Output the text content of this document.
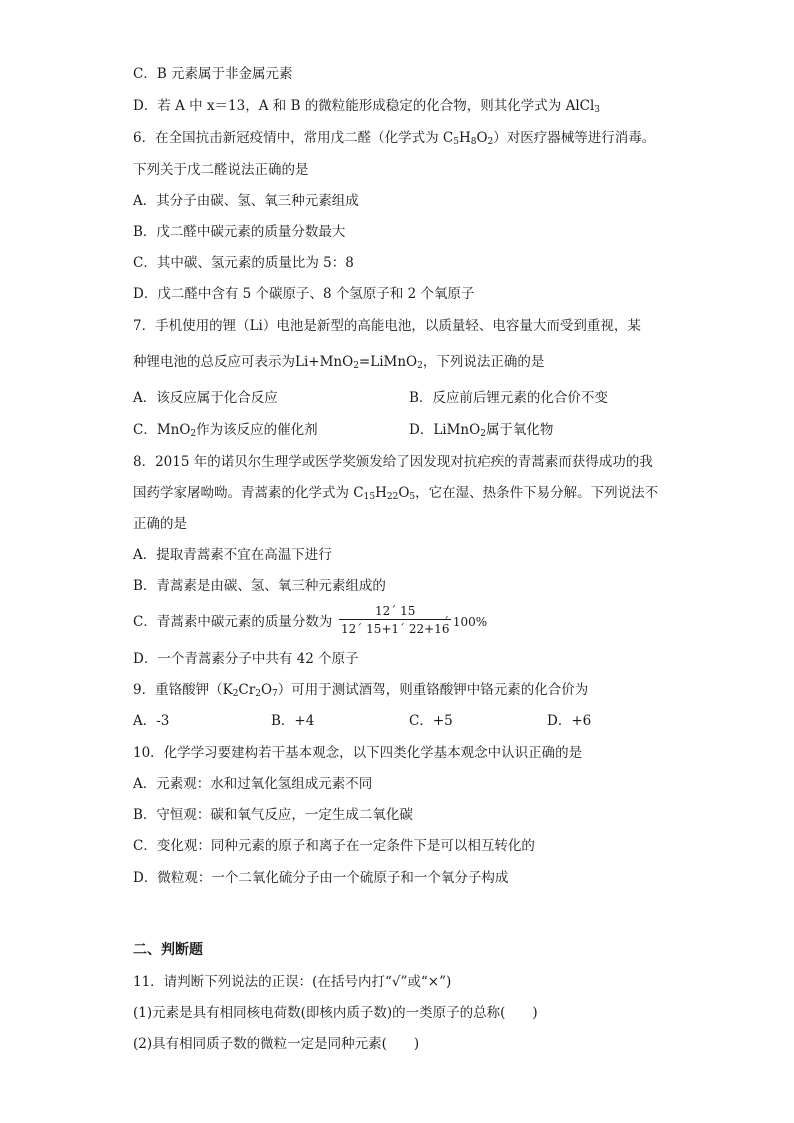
C．B 元素属于非金属元素
D．若 A 中 x＝13，A 和 B 的微粒能形成稳定的化合物，则其化学式为 AlCl$_3$
6．在全国抗击新冠疫情中，常用戊二醛（化学式为 $C_5H_8O_2$）对医疗器械等进行消毒。
下列关于戊二醛说法正确的是
A．其分子由碳、氢、氧三种元素组成
B．戊二醛中碳元素的质量分数最大
C．其中碳、氢元素的质量比为 5：8
D．戊二醛中含有 5 个碳原子、8 个氢原子和 2 个氧原子
7．手机使用的锂（Li）电池是新型的高能电池，以质量轻、电容量大而受到重视，某
种锂电池的总反应可表示为Li+MnO$_2$=LiMnO$_2$，下列说法正确的是
A．该反应属于化合反应	B．反应前后锂元素的化合价不变
C．MnO$_2$作为该反应的催化剂	D．LiMnO$_2$属于氧化物
8．2015 年的诺贝尔生理学或医学奖颁发给了因发现对抗疟疾的青蒿素而获得成功的我
国药学家屠呦呦。青蒿素的化学式为 $C_{15}H_{22}O_5$，它在湿、热条件下易分解。下列说法不
正确的是
A．提取青蒿素不宜在高温下进行
B．青蒿素是由碳、氢、氧三种元素组成的
C．青蒿素中碳元素的质量分数为 $\frac{12´ 15}{12´ 15+1´ 22+16}$
´ 100%
D．一个青蒿素分子中共有 42 个原子
9．重铬酸钾$(K_2Cr_2O_7)$可用于测试酒驾，则重铬酸钾中铬元素的化合价为
A．-3	B．+4	C．+5	D．+6
10．化学学习要建构若干基本观念，以下四类化学基本观念中认识正确的是
A．元素观：水和过氧化氢组成元素不同
B．守恒观：碳和氧气反应，一定生成二氧化碳
C．变化观：同种元素的原子和离子在一定条件下是可以相互转化的
D．微粒观：一个二氧化硫分子由一个硫原子和一个氧分子构成
二、判断题
11．请判断下列说法的正误：(在括号内打“√”或“×”)
(1)元素是具有相同核电荷数(即核内质子数)的一类原子的总称(　　)
(2)具有相同质子数的微粒一定是同种元素(　　)
